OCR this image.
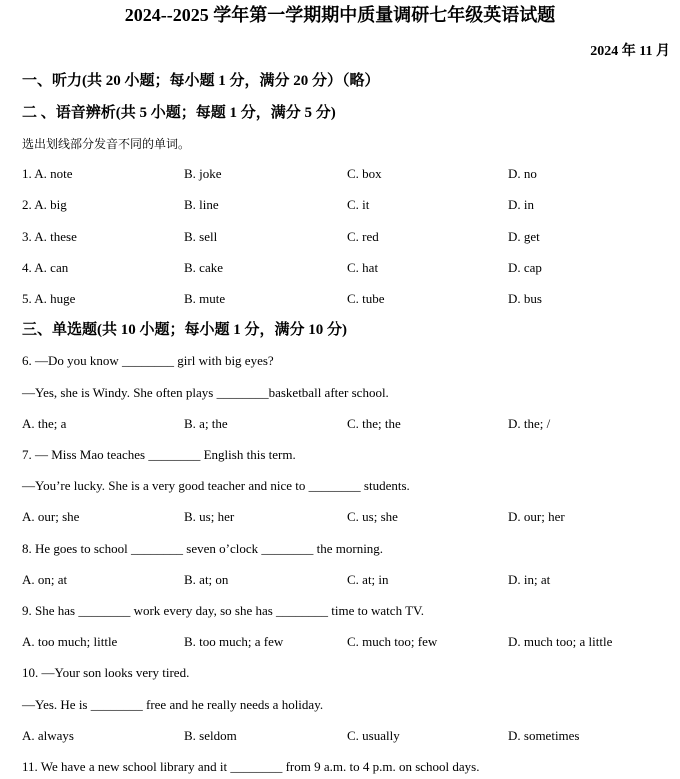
2024--2025 学年第一学期期中质量调研七年级英语试题
2024 年 11 月
一、听力(共 20 小题；每小题 1 分，满分 20 分）（略）
二 、语音辨析(共 5 小题；每题 1 分，满分 5 分)
选出划线部分发音不同的单词。
1. A. note	B. joke	C. box	D. no
2. A. big	B. line	C. it	D. in
3. A. these	B. sell	C. red	D. get
4. A. can	B. cake	C. hat	D. cap
5. A. huge	B. mute	C. tube	D. bus
三、单选题(共 10 小题；每小题 1 分，满分 10 分)
6. —Do you know ________ girl with big eyes?
—Yes, she is Windy. She often plays ________basketball after school.
A. the; a	B. a; the	C. the; the	D. the; /
7. — Miss Mao teaches ________ English this term.
—You’re lucky. She is a very good teacher and nice to ________ students.
A. our; she	B. us; her	C. us; she	D. our; her
8. He goes to school ________ seven o’clock ________ the morning.
A. on; at	B. at; on	C. at; in	D. in; at
9. She has ________ work every day, so she has ________ time to watch TV.
A. too much; little	B. too much; a few	C. much too; few	D. much too; a little
10. —Your son looks very tired.
—Yes. He is ________ free and he really needs a holiday.
A. always	B. seldom	C. usually	D. sometimes
11. We have a new school library and it ________ from 9 a.m. to 4 p.m. on school days.
